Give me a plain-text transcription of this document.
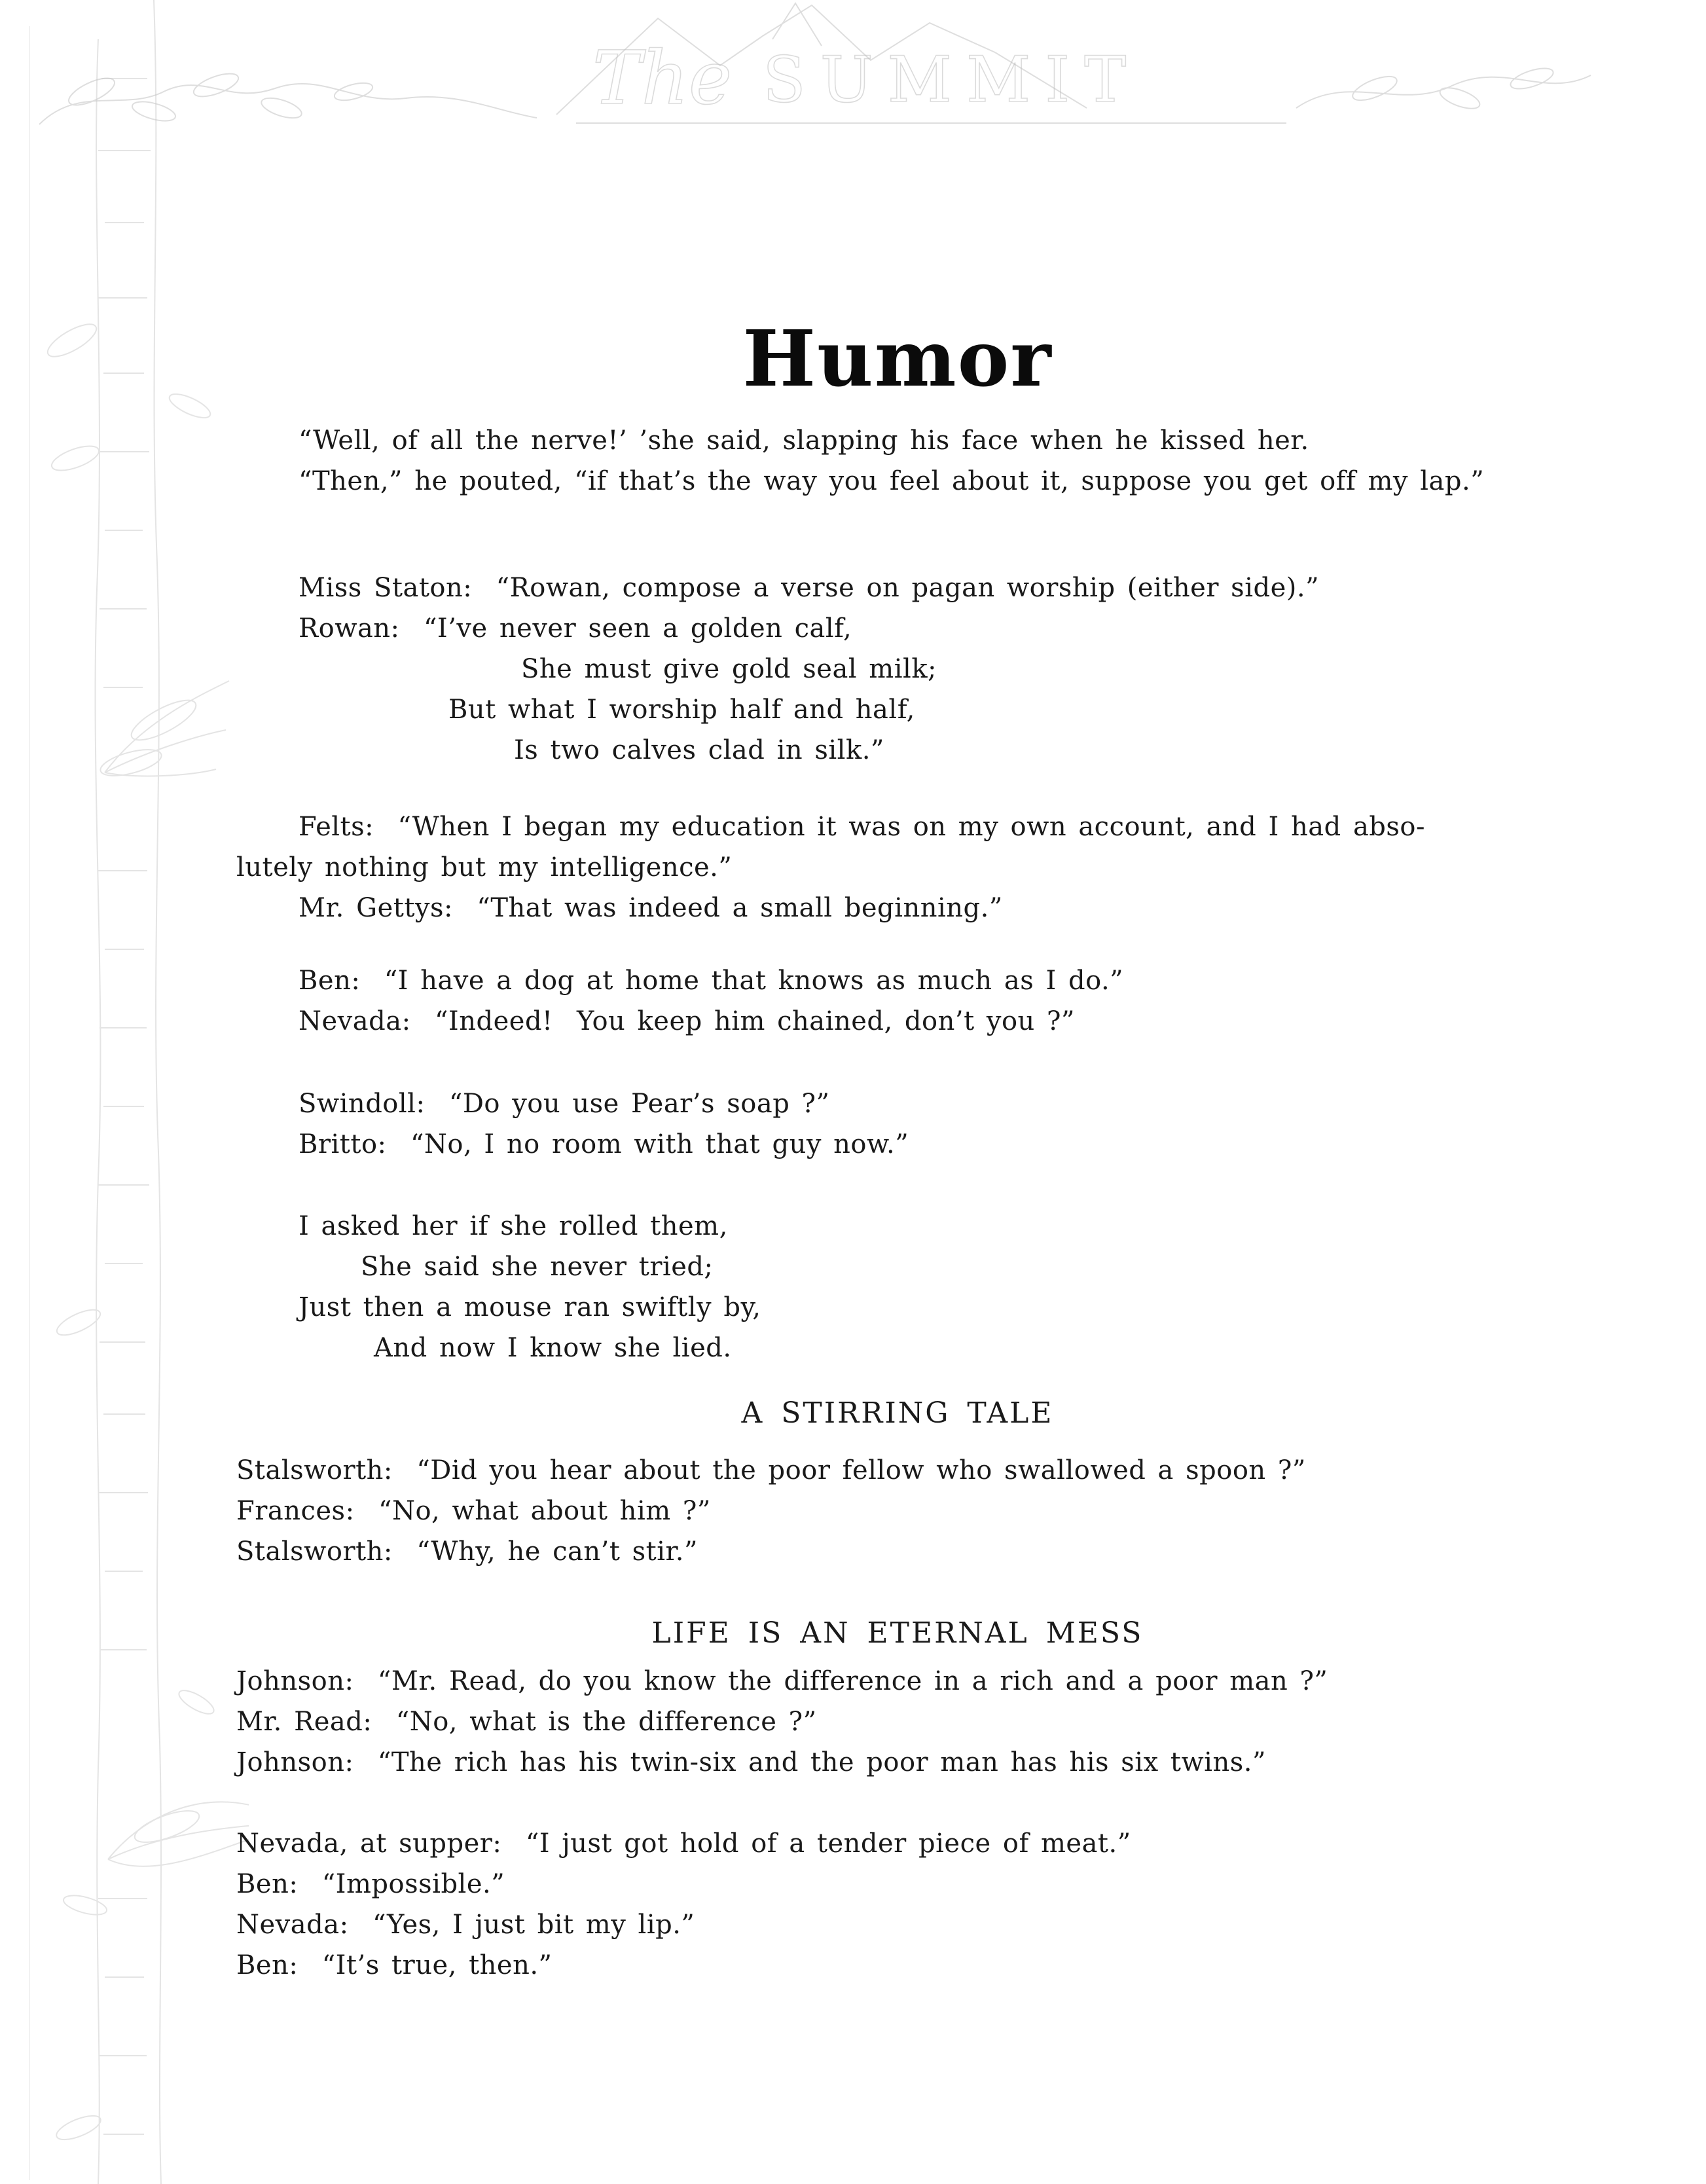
The SUMMIT
Humor
“Well, of all the nerve!’ ’she said, slapping his face when he kissed her.
“Then,” he pouted, “if that’s the way you feel about it, suppose you get off my lap.”
Miss Staton:  “Rowan, compose a verse on pagan worship (either side).”
Rowan:  “I’ve never seen a golden calf,
She must give gold seal milk;
But what I worship half and half,
Is two calves clad in silk.”
Felts:  “When I began my education it was on my own account, and I had abso-
lutely nothing but my intelligence.”
Mr. Gettys:  “That was indeed a small beginning.”
Ben:  “I have a dog at home that knows as much as I do.”
Nevada:  “Indeed!  You keep him chained, don’t you ?”
Swindoll:  “Do you use Pear’s soap ?”
Britto:  “No, I no room with that guy now.”
I asked her if she rolled them,
She said she never tried;
Just then a mouse ran swiftly by,
And now I know she lied.
A STIRRING TALE
Stalsworth:  “Did you hear about the poor fellow who swallowed a spoon ?”
Frances:  “No, what about him ?”
Stalsworth:  “Why, he can’t stir.”
LIFE IS AN ETERNAL MESS
Johnson:  “Mr. Read, do you know the difference in a rich and a poor man ?”
Mr. Read:  “No, what is the difference ?”
Johnson:  “The rich has his twin-six and the poor man has his six twins.”
Nevada, at supper:  “I just got hold of a tender piece of meat.”
Ben:  “Impossible.”
Nevada:  “Yes, I just bit my lip.”
Ben:  “It’s true, then.”
